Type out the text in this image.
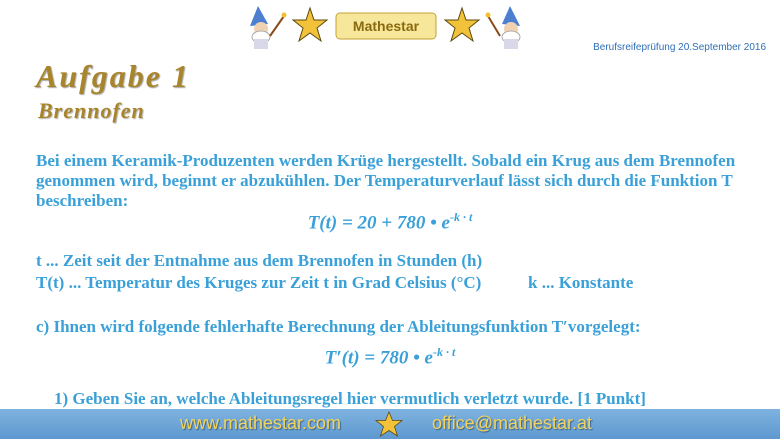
Mathestar
Berufsreifeprüfung 20.September 2016
Aufgabe 1
Brennofen
Bei einem Keramik-Produzenten werden Krüge hergestellt. Sobald ein Krug aus dem Brennofen genommen wird, beginnt er abzukühlen. Der Temperaturverlauf lässt sich durch die Funktion T beschreiben:
T(t) = 20 + 780 • $e^{-k \cdot t}$
t ... Zeit seit der Entnahme aus dem Brennofen in Stunden (h)
T(t) ... Temperatur des Kruges zur Zeit t in Grad Celsius (°C)	k ... Konstante
c) Ihnen wird folgende fehlerhafte Berechnung der Ableitungsfunktion T′vorgelegt:
T′(t) = 780 • $e^{-k \cdot t}$
1) Geben Sie an, welche Ableitungsregel hier vermutlich verletzt wurde. [1 Punkt]
www.mathestar.com	office@mathestar.at
